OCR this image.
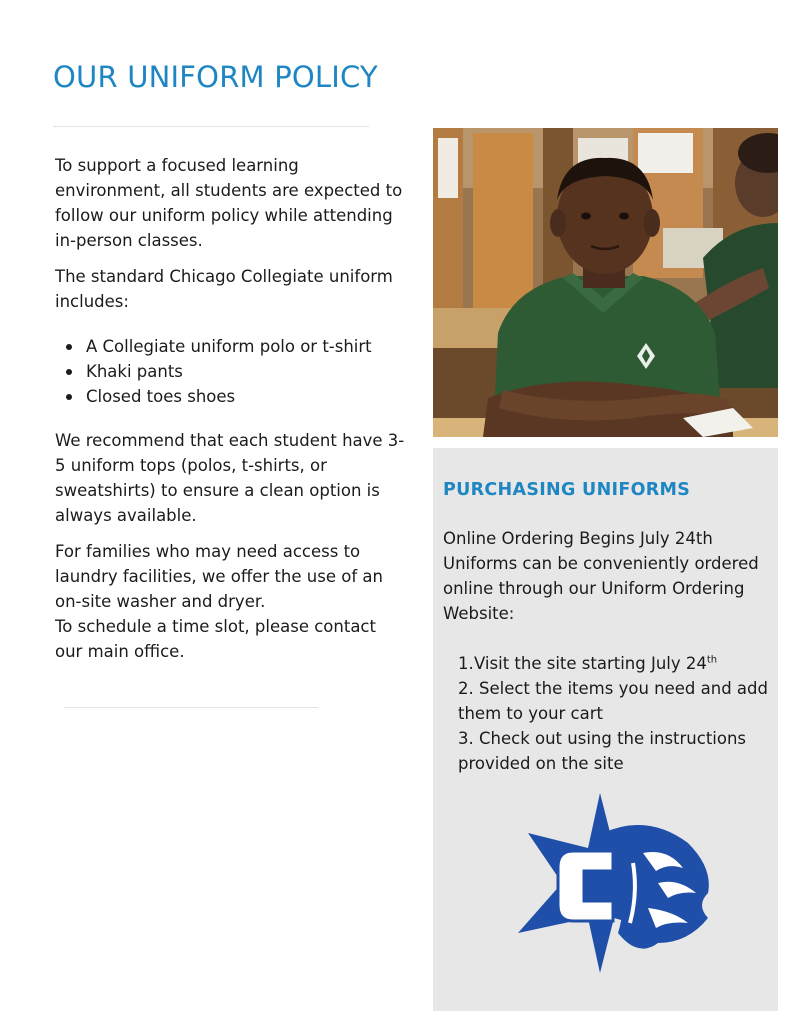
OUR UNIFORM POLICY

To support a focused learning environment, all students are expected to follow our uniform policy while attending in-person classes.

The standard Chicago Collegiate uniform includes:

A Collegiate uniform polo or t-shirt
Khaki pants
Closed toes shoes

We recommend that each student have 3-5 uniform tops (polos, t-shirts, or sweatshirts) to ensure a clean option is always available.

For families who may need access to laundry facilities, we offer the use of an on-site washer and dryer.
To schedule a time slot, please contact our main office.

PURCHASING UNIFORMS
Online Ordering Begins July 24th
Uniforms can be conveniently ordered online through our Uniform Ordering Website:
1. Visit the site starting July 24th
2. Select the items you need and add them to your cart
3. Check out using the instructions provided on the site
